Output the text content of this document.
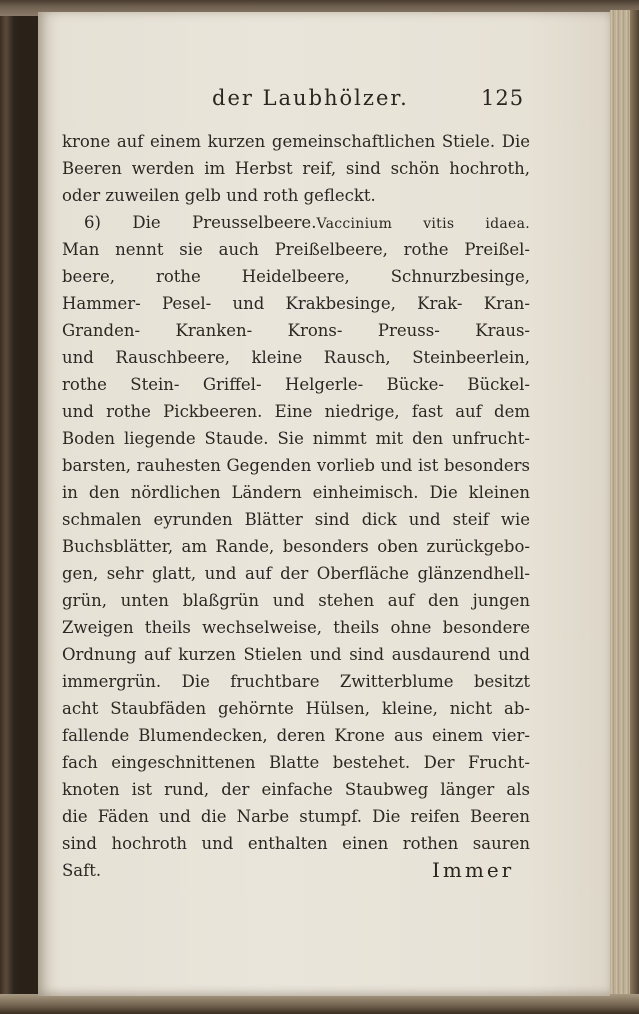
der Laubhölzer.	125
krone auf einem kurzen gemeinschaftlichen Stiele. Die
Beeren werden im Herbst reif, sind schön hochroth,
oder zuweilen gelb und roth gefleckt.
6) Die Preusselbeere.Vaccinium vitis idaea.
Man nennt sie auch Preißelbeere, rothe Preißel-
beere, rothe Heidelbeere, Schnurzbesinge,
Hammer- Pesel- und Krakbesinge, Krak- Kran-
Granden- Kranken- Krons- Preuss- Kraus-
und Rauschbeere, kleine Rausch, Steinbeerlein,
rothe Stein- Griffel- Helgerle- Bücke- Bückel-
und rothe Pickbeeren. Eine niedrige, fast auf dem
Boden liegende Staude. Sie nimmt mit den unfrucht-
barsten, rauhesten Gegenden vorlieb und ist besonders
in den nördlichen Ländern einheimisch. Die kleinen
schmalen eyrunden Blätter sind dick und steif wie
Buchsblätter, am Rande, besonders oben zurückgebo-
gen, sehr glatt, und auf der Oberfläche glänzendhell-
grün, unten blaßgrün und stehen auf den jungen
Zweigen theils wechselweise, theils ohne besondere
Ordnung auf kurzen Stielen und sind ausdaurend und
immergrün. Die fruchtbare Zwitterblume besitzt
acht Staubfäden gehörnte Hülsen, kleine, nicht ab-
fallende Blumendecken, deren Krone aus einem vier-
fach eingeschnittenen Blatte bestehet. Der Frucht-
knoten ist rund, der einfache Staubweg länger als
die Fäden und die Narbe stumpf. Die reifen Beeren
sind hochroth und enthalten einen rothen sauren
Saft.	Immer
